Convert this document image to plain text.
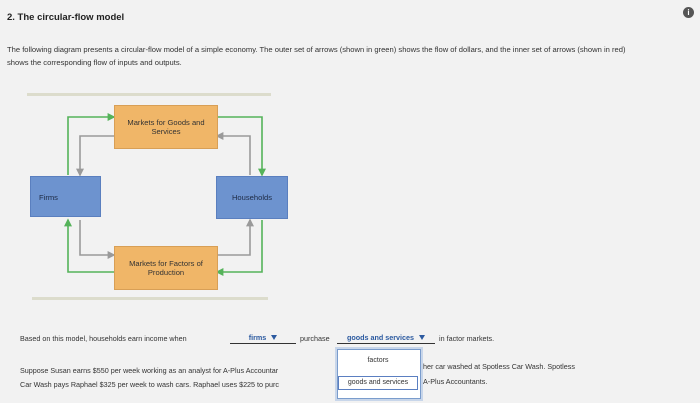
2. The circular-flow model	i
The following diagram presents a circular-flow model of a simple economy. The outer set of arrows (shown in green) shows the flow of dollars, and the inner set of arrows (shown in red) shows the corresponding flow of inputs and outputs.
Markets for Goods and Services
Firms	Households
Markets for Factors of Production
Based on this model, households earn income when	firms	purchase goods and services	in factor markets.
Suppose Susan earns $550 per week working as an analyst for A-Plus Accountar	her car washed at Spotless Car Wash. Spotless
Car Wash pays Raphael $325 per week to wash cars. Raphael uses $225 to purc	A-Plus Accountants.
factors
goods and services
